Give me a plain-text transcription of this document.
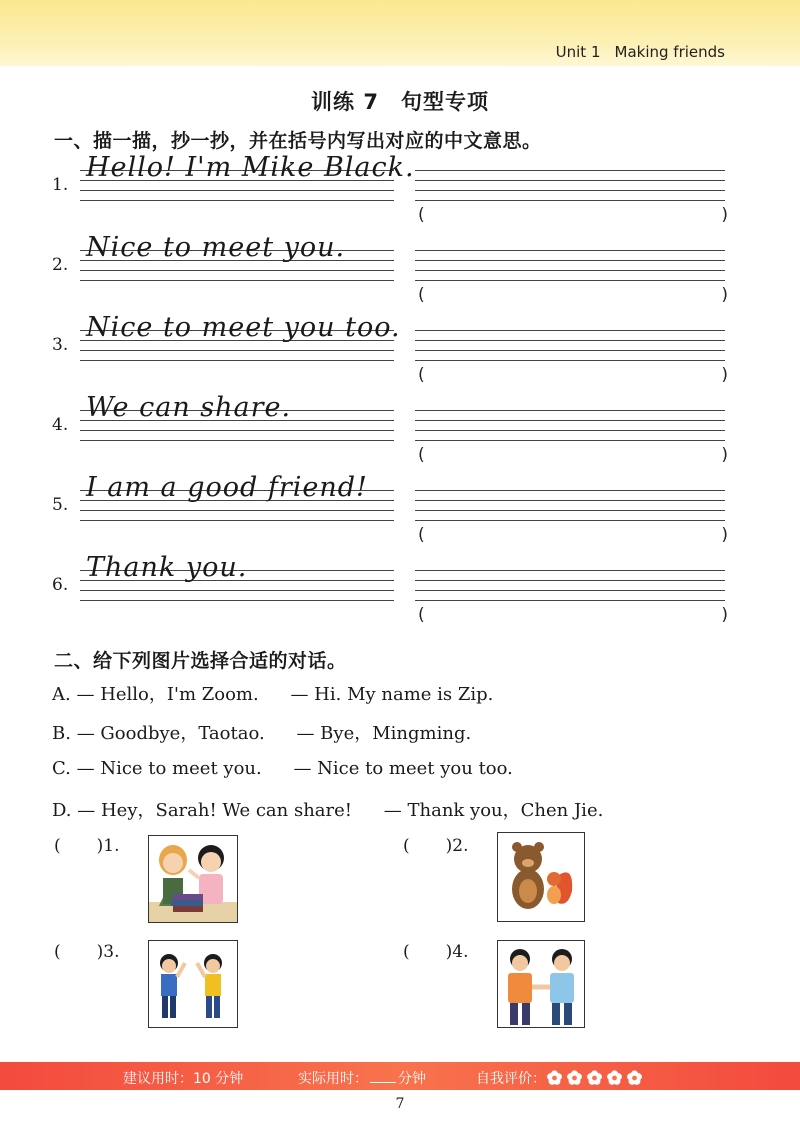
Unit 1 Making friends
训练 7　句型专项
一、描一描，抄一抄，并在括号内写出对应的中文意思。
1.
Hello! I'm Mike Black.
(	)
2.
Nice to meet you.
(	)
3.
Nice to meet you too.
(	)
4.
We can share.
(	)
5.
I am a good friend!
(	)
6.
Thank you.
(	)
二、给下列图片选择合适的对话。
A. — Hello，I'm Zoom. — Hi. My name is Zip.
B. — Goodbye，Taotao. — Bye，Mingming.
C. — Nice to meet you. — Nice to meet you too.
D. — Hey，Sarah! We can share! — Thank you，Chen Jie.
( )1.	( )2.
( )3.	( )4.
建议用时：10 分钟	实际用时： 分钟	自我评价：
7
